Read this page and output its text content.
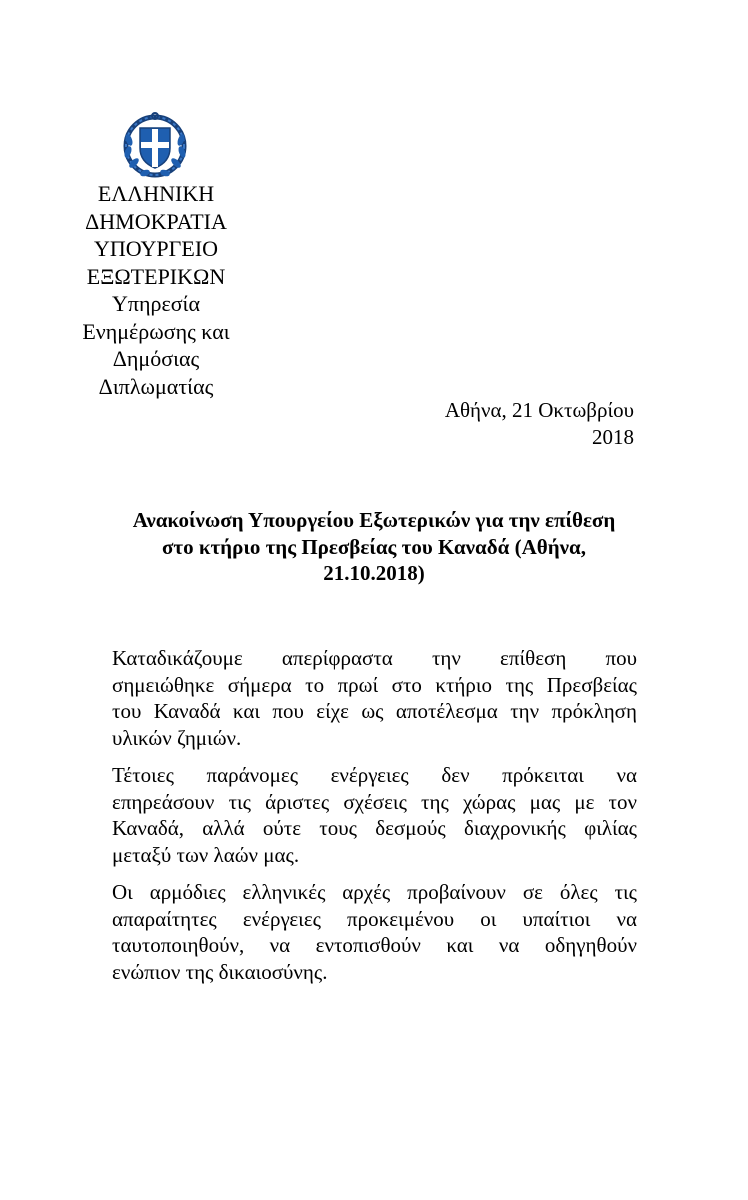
ΕΛΛΗΝΙΚΗ
ΔΗΜΟΚΡΑΤΙΑ
ΥΠΟΥΡΓΕΙΟ
ΕΞΩΤΕΡΙΚΩΝ
Υπηρεσία
Ενημέρωσης και
Δημόσιας
Διπλωματίας
Αθήνα, 21 Οκτωβρίου
2018
Ανακοίνωση Υπουργείου Εξωτερικών για την επίθεση
στο κτήριο της Πρεσβείας του Καναδά (Αθήνα,
21.10.2018)
Καταδικάζουμε απερίφραστα την επίθεση που
σημειώθηκε σήμερα το πρωί στο κτήριο της Πρεσβείας
του Καναδά και που είχε ως αποτέλεσμα την πρόκληση
υλικών ζημιών.
Τέτοιες παράνομες ενέργειες δεν πρόκειται να
επηρεάσουν τις άριστες σχέσεις της χώρας μας με τον
Καναδά, αλλά ούτε τους δεσμούς διαχρονικής φιλίας
μεταξύ των λαών μας.
Οι αρμόδιες ελληνικές αρχές προβαίνουν σε όλες τις
απαραίτητες ενέργειες προκειμένου οι υπαίτιοι να
ταυτοποιηθούν, να εντοπισθούν και να οδηγηθούν
ενώπιον της δικαιοσύνης.
